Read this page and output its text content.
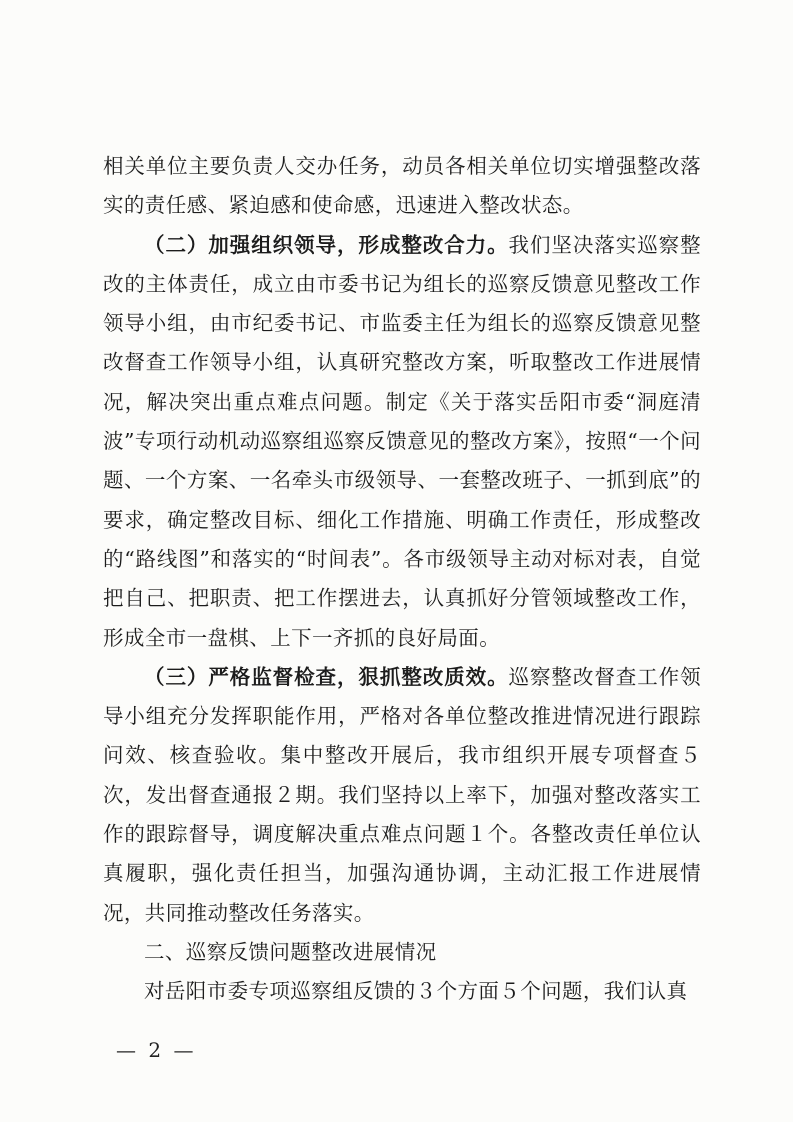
相关单位主要负责人交办任务，动员各相关单位切实增强整改落实的责任感、紧迫感和使命感，迅速进入整改状态。

（二）加强组织领导，形成整改合力。我们坚决落实巡察整改的主体责任，成立由市委书记为组长的巡察反馈意见整改工作领导小组，由市纪委书记、市监委主任为组长的巡察反馈意见整改督查工作领导小组，认真研究整改方案，听取整改工作进展情况，解决突出重点难点问题。制定《关于落实岳阳市委“洞庭清波”专项行动机动巡察组巡察反馈意见的整改方案》，按照“一个问题、一个方案、一名牵头市级领导、一套整改班子、一抓到底”的要求，确定整改目标、细化工作措施、明确工作责任，形成整改的“路线图”和落实的“时间表”。各市级领导主动对标对表，自觉把自己、把职责、把工作摆进去，认真抓好分管领域整改工作，形成全市一盘棋、上下一齐抓的良好局面。

（三）严格监督检查，狠抓整改质效。巡察整改督查工作领导小组充分发挥职能作用，严格对各单位整改推进情况进行跟踪问效、核查验收。集中整改开展后，我市组织开展专项督查５次，发出督查通报２期。我们坚持以上率下，加强对整改落实工作的跟踪督导，调度解决重点难点问题１个。各整改责任单位认真履职，强化责任担当，加强沟通协调，主动汇报工作进展情况，共同推动整改任务落实。

二、巡察反馈问题整改进展情况

对岳阳市委专项巡察组反馈的３个方面５个问题，我们认真

— 2 —
